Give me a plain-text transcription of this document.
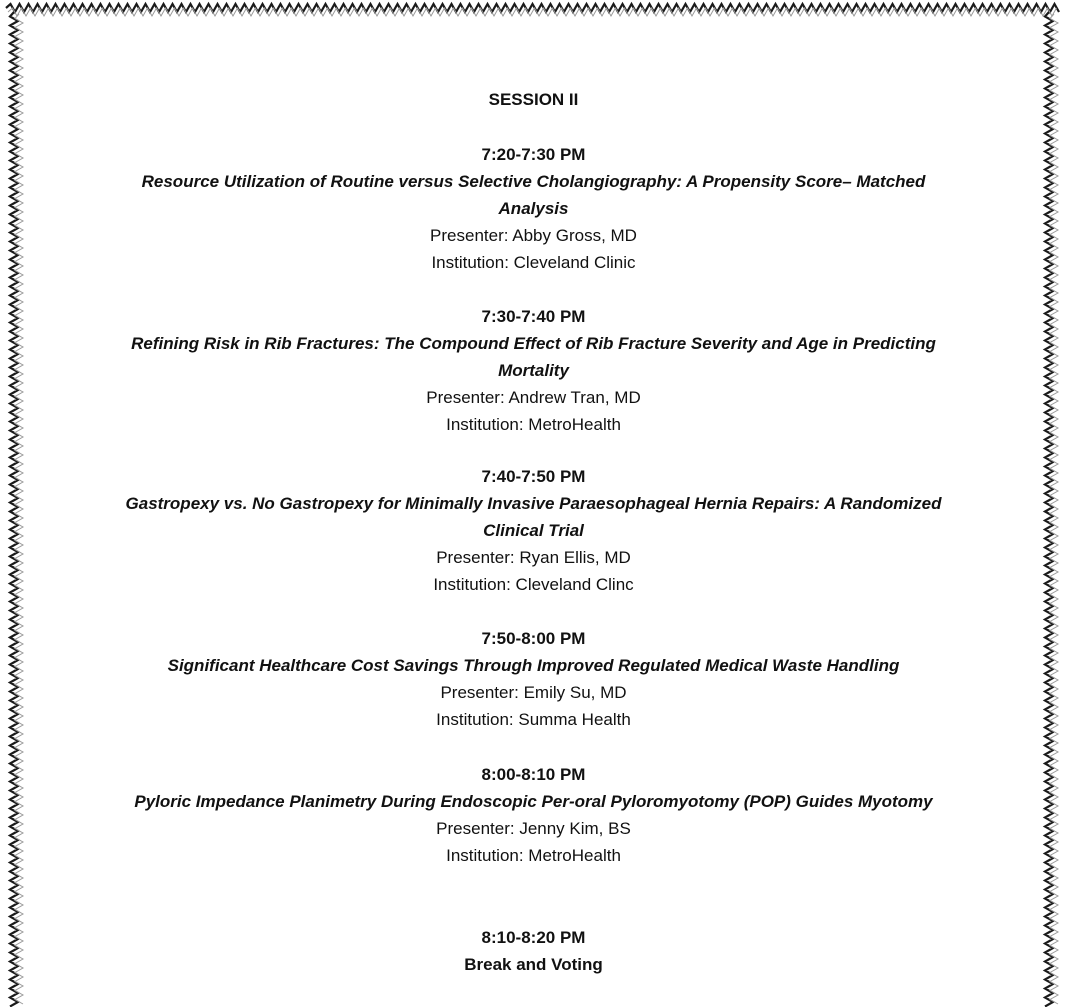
SESSION II
7:20-7:30 PM
Resource Utilization of Routine versus Selective Cholangiography: A Propensity Score– Matched Analysis
Presenter: Abby Gross, MD
Institution: Cleveland Clinic
7:30-7:40 PM
Refining Risk in Rib Fractures: The Compound Effect of Rib Fracture Severity and Age in Predicting Mortality
Presenter: Andrew Tran, MD
Institution: MetroHealth
7:40-7:50 PM
Gastropexy vs. No Gastropexy for Minimally Invasive Paraesophageal Hernia Repairs: A Randomized Clinical Trial
Presenter: Ryan Ellis, MD
Institution: Cleveland Clinc
7:50-8:00 PM
Significant Healthcare Cost Savings Through Improved Regulated Medical Waste Handling
Presenter: Emily Su, MD
Institution: Summa Health
8:00-8:10 PM
Pyloric Impedance Planimetry During Endoscopic Per-oral Pyloromyotomy (POP) Guides Myotomy
Presenter: Jenny Kim, BS
Institution: MetroHealth
8:10-8:20 PM
Break and Voting
